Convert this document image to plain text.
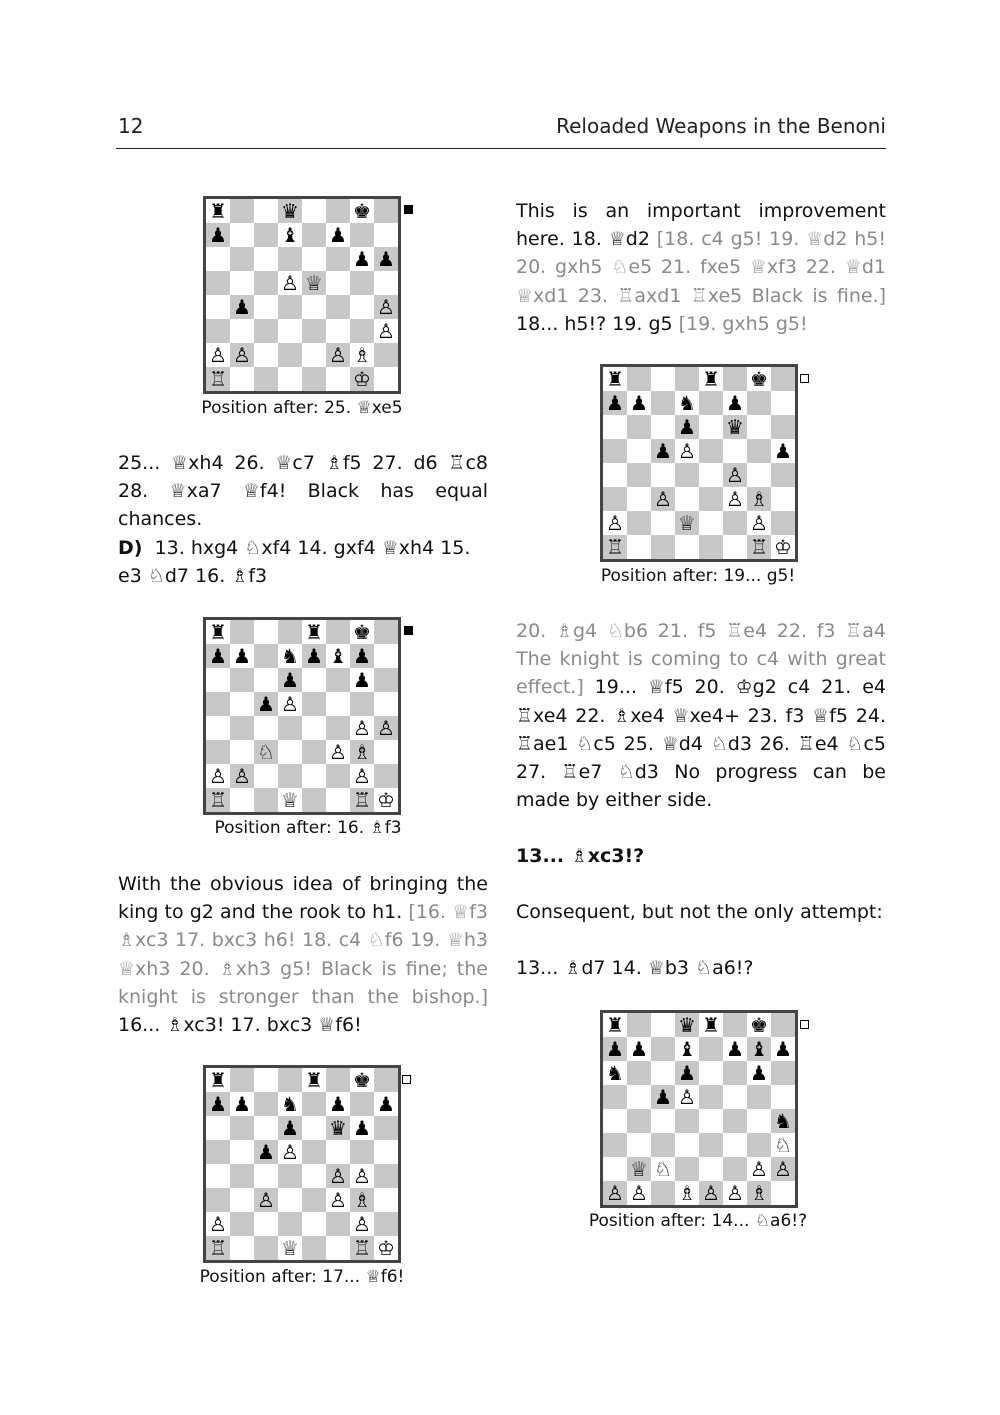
12	Reloaded Weapons in the Benoni
♜	♛	♚
♟	♝ ♟
♟ ♟
♙ ♕
♟	♙
♙
♙ ♙	♙ ♗
♖	♔
Position after: 25. ♕xe5

25... ♕xh4 26. ♕c7 ♗f5 27. d6 ♖c8 28. ♕xa7 ♕f4! Black has equal chances.

D) 13. hxg4 ♘xf4 14. gxf4 ♕xh4 15. e3 ♘d7 16. ♗f3

♜	♜ ♚
♟ ♟ ♞ ♟ ♝ ♟
♟	♟
♟ ♙
♙ ♙
♘	♙ ♗
♙ ♙	♙
♖	♕	♖ ♔
Position after: 16. ♗f3

With the obvious idea of bringing the king to g2 and the rook to h1. [16. ♕f3 ♗xc3 17. bxc3 h6! 18. c4 ♘f6 19. ♕h3 ♕xh3 20. ♗xh3 g5! Black is fine; the knight is stronger than the bishop.] 16... ♗xc3! 17. bxc3 ♕f6!

♜	♜ ♚
♟ ♟ ♞ ♟ ♟
♟ ♛ ♟
♟ ♙
♙ ♙
♙	♙ ♗
♙	♙
♖	♕	♖ ♔
Position after: 17... ♕f6!

This is an important improvement here. 18. ♕d2 [18. c4 g5! 19. ♕d2 h5! 20. gxh5 ♘e5 21. fxe5 ♕xf3 22. ♕d1 ♕xd1 23. ♖axd1 ♖xe5 Black is fine.] 18... h5!? 19. g5 [19. gxh5 g5!

♜	♜ ♚
♟ ♟ ♞ ♟
♟ ♛
♟ ♙	♟
♙
♙	♙ ♗
♙	♕	♙
♖	♖ ♔
Position after: 19... g5!

20. ♗g4 ♘b6 21. f5 ♖e4 22. f3 ♖a4 The knight is coming to c4 with great effect.] 19... ♕f5 20. ♔g2 c4 21. e4 ♖xe4 22. ♗xe4 ♕xe4+ 23. f3 ♕f5 24. ♖ae1 ♘c5 25. ♕d4 ♘d3 26. ♖e4 ♘c5 27. ♖e7 ♘d3 No progress can be made by either side.

13... ♗xc3!?

Consequent, but not the only attempt:

13... ♗d7 14. ♕b3 ♘a6!?

♜	♛ ♜ ♚
♟ ♟ ♝ ♟ ♝ ♟
♞	♟	♟
♟ ♙
♞
♘
♕ ♘	♙ ♙
♙ ♙ ♗ ♙ ♙ ♗
Position after: 14... ♘a6!?
